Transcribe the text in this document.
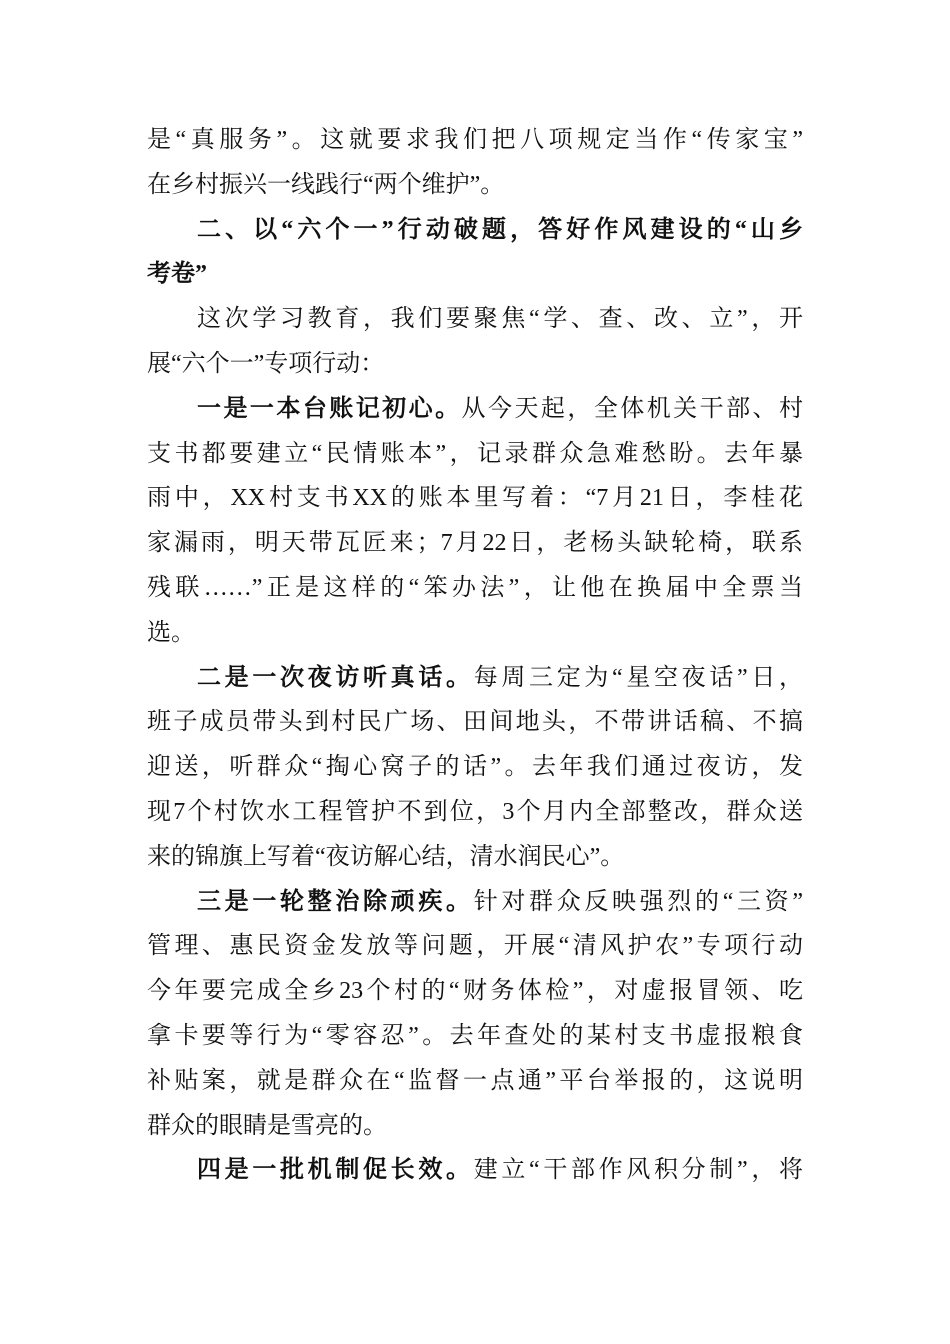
是“真服务”。这就要求我们把八项规定当作“传家宝”
在乡村振兴一线践行“两个维护”。
二、以“六个一”行动破题，答好作风建设的“山乡
考卷”
这次学习教育，我们要聚焦“学、查、改、立”，开
展“六个一”专项行动：
一是一本台账记初心。从今天起，全体机关干部、村
支书都要建立“民情账本”，记录群众急难愁盼。去年暴
雨中，XX村支书XX的账本里写着：“7月21日，李桂花
家漏雨，明天带瓦匠来；7月22日，老杨头缺轮椅，联系
残联……”正是这样的“笨办法”，让他在换届中全票当
选。
二是一次夜访听真话。每周三定为“星空夜话”日，
班子成员带头到村民广场、田间地头，不带讲话稿、不搞
迎送，听群众“掏心窝子的话”。去年我们通过夜访，发
现7个村饮水工程管护不到位，3个月内全部整改，群众送
来的锦旗上写着“夜访解心结，清水润民心”。
三是一轮整治除顽疾。针对群众反映强烈的“三资”
管理、惠民资金发放等问题，开展“清风护农”专项行动
今年要完成全乡23个村的“财务体检”，对虚报冒领、吃
拿卡要等行为“零容忍”。去年查处的某村支书虚报粮食
补贴案，就是群众在“监督一点通”平台举报的，这说明
群众的眼睛是雪亮的。
四是一批机制促长效。建立“干部作风积分制”，将
